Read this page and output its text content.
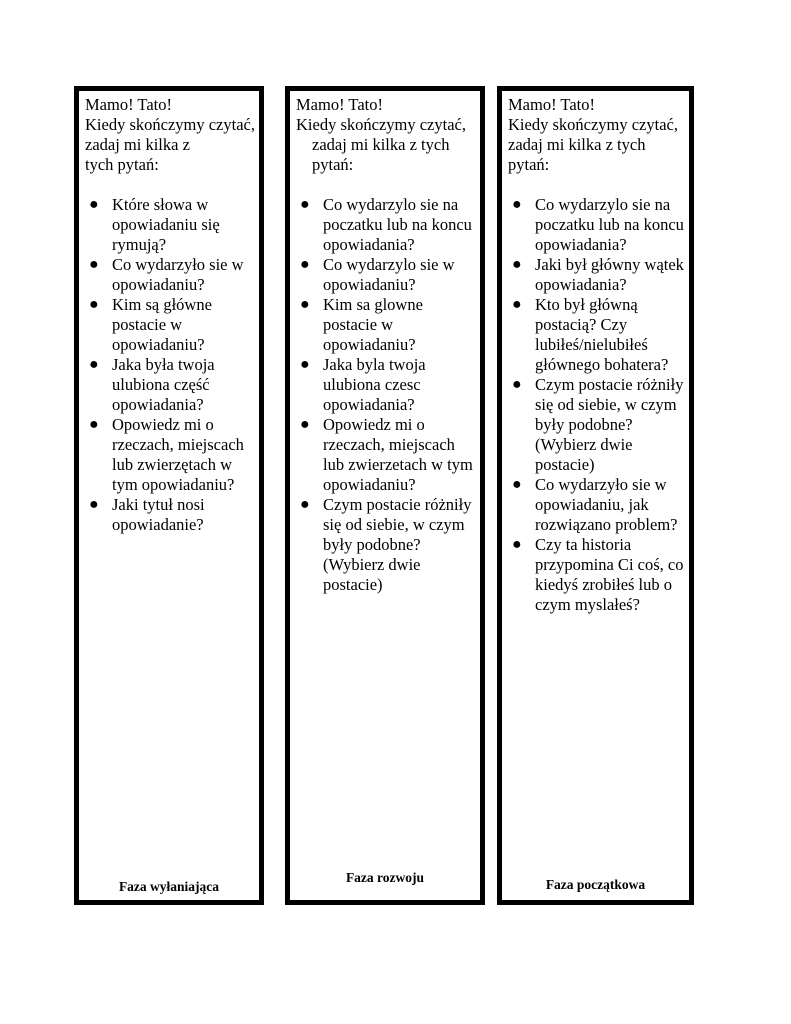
Mamo! Tato!
Kiedy skończymy czytać,
zadaj mi kilka z
tych pytań:
● Które słowa w opowiadaniu się rymują?
● Co wydarzyło sie w opowiadaniu?
● Kim są główne postacie w opowiadaniu?
● Jaka była twoja ulubiona część opowiadania?
● Opowiedz mi o rzeczach, miejscach lub zwierzętach w tym opowiadaniu?
● Jaki tytuł nosi opowiadanie?
Faza wyłaniająca
Mamo! Tato!
Kiedy skończymy czytać,
zadaj mi kilka z tych
pytań:
● Co wydarzylo sie na poczatku lub na koncu opowiadania?
● Co wydarzylo sie w opowiadaniu?
● Kim sa glowne postacie w opowiadaniu?
● Jaka byla twoja ulubiona czesc opowiadania?
● Opowiedz mi o rzeczach, miejscach lub zwierzetach w tym opowiadaniu?
● Czym postacie różniły się od siebie, w czym były podobne? (Wybierz dwie postacie)
Faza rozwoju
Mamo! Tato!
Kiedy skończymy czytać,
zadaj mi kilka z tych
pytań:
● Co wydarzylo sie na poczatku lub na koncu opowiadania?
● Jaki był główny wątek opowiadania?
● Kto był główną postacią? Czy lubiłeś/nielubiłeś głównego bohatera?
● Czym postacie różniły się od siebie, w czym były podobne? (Wybierz dwie postacie)
● Co wydarzyło sie w opowiadaniu, jak rozwiązano problem?
● Czy ta historia przypomina Ci coś, co kiedyś zrobiłeś lub o czym myslałeś?
Faza początkowa
